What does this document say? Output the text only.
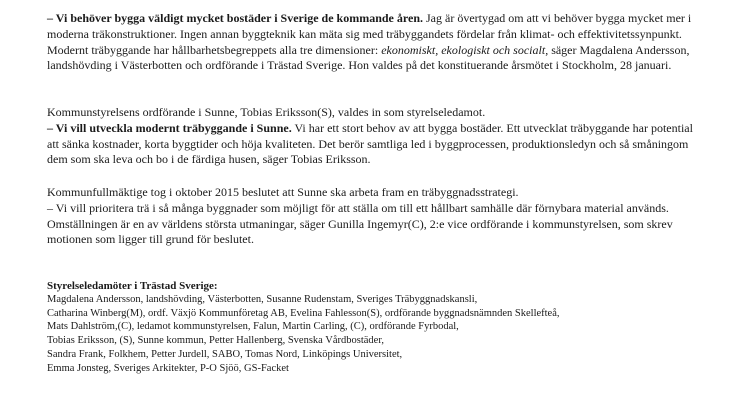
– Vi behöver bygga väldigt mycket bostäder i Sverige de kommande åren. Jag är övertygad om att vi behöver bygga mycket mer i moderna träkonstruktioner. Ingen annan byggteknik kan mäta sig med träbyggandets fördelar från klimat- och effektivitetssynpunkt. Modernt träbyggande har hållbarhetsbegreppets alla tre dimensioner: ekonomiskt, ekologiskt och socialt, säger Magdalena Andersson, landshövding i Västerbotten och ordförande i Trästad Sverige. Hon valdes på det konstituerande årsmötet i Stockholm, 28 januari.

Kommunstyrelsens ordförande i Sunne, Tobias Eriksson(S), valdes in som styrelseledamot.
– Vi vill utveckla modernt träbyggande i Sunne. Vi har ett stort behov av att bygga bostäder. Ett utvecklat träbyggande har potential att sänka kostnader, korta byggtider och höja kvaliteten. Det berör samtliga led i byggprocessen, produktionsledyn och så småningom dem som ska leva och bo i de färdiga husen, säger Tobias Eriksson.

Kommunfullmäktige tog i oktober 2015 beslutet att Sunne ska arbeta fram en träbyggnadsstrategi.
– Vi vill prioritera trä i så många byggnader som möjligt för att ställa om till ett hållbart samhälle där förnybara material används. Omställningen är en av världens största utmaningar, säger Gunilla Ingemyr(C), 2:e vice ordförande i kommunstyrelsen, som skrev motionen som ligger till grund för beslutet.

Styrelseledamöter i Trästad Sverige:

Magdalena Andersson, landshövding, Västerbotten, Susanne Rudenstam, Sveriges Träbyggnadskansli,

Catharina Winberg(M), ordf. Växjö Kommunföretag AB, Evelina Fahlesson(S), ordförande byggnadsnämnden Skellefteå,

Mats Dahlström,(C), ledamot kommunstyrelsen, Falun, Martin Carling, (C), ordförande Fyrbodal,

Tobias Eriksson, (S), Sunne kommun, Petter Hallenberg, Svenska Vårdbostäder,

Sandra Frank, Folkhem, Petter Jurdell, SABO, Tomas Nord, Linköpings Universitet,

Emma Jonsteg, Sveriges Arkitekter, P-O Sjöö, GS-Facket
